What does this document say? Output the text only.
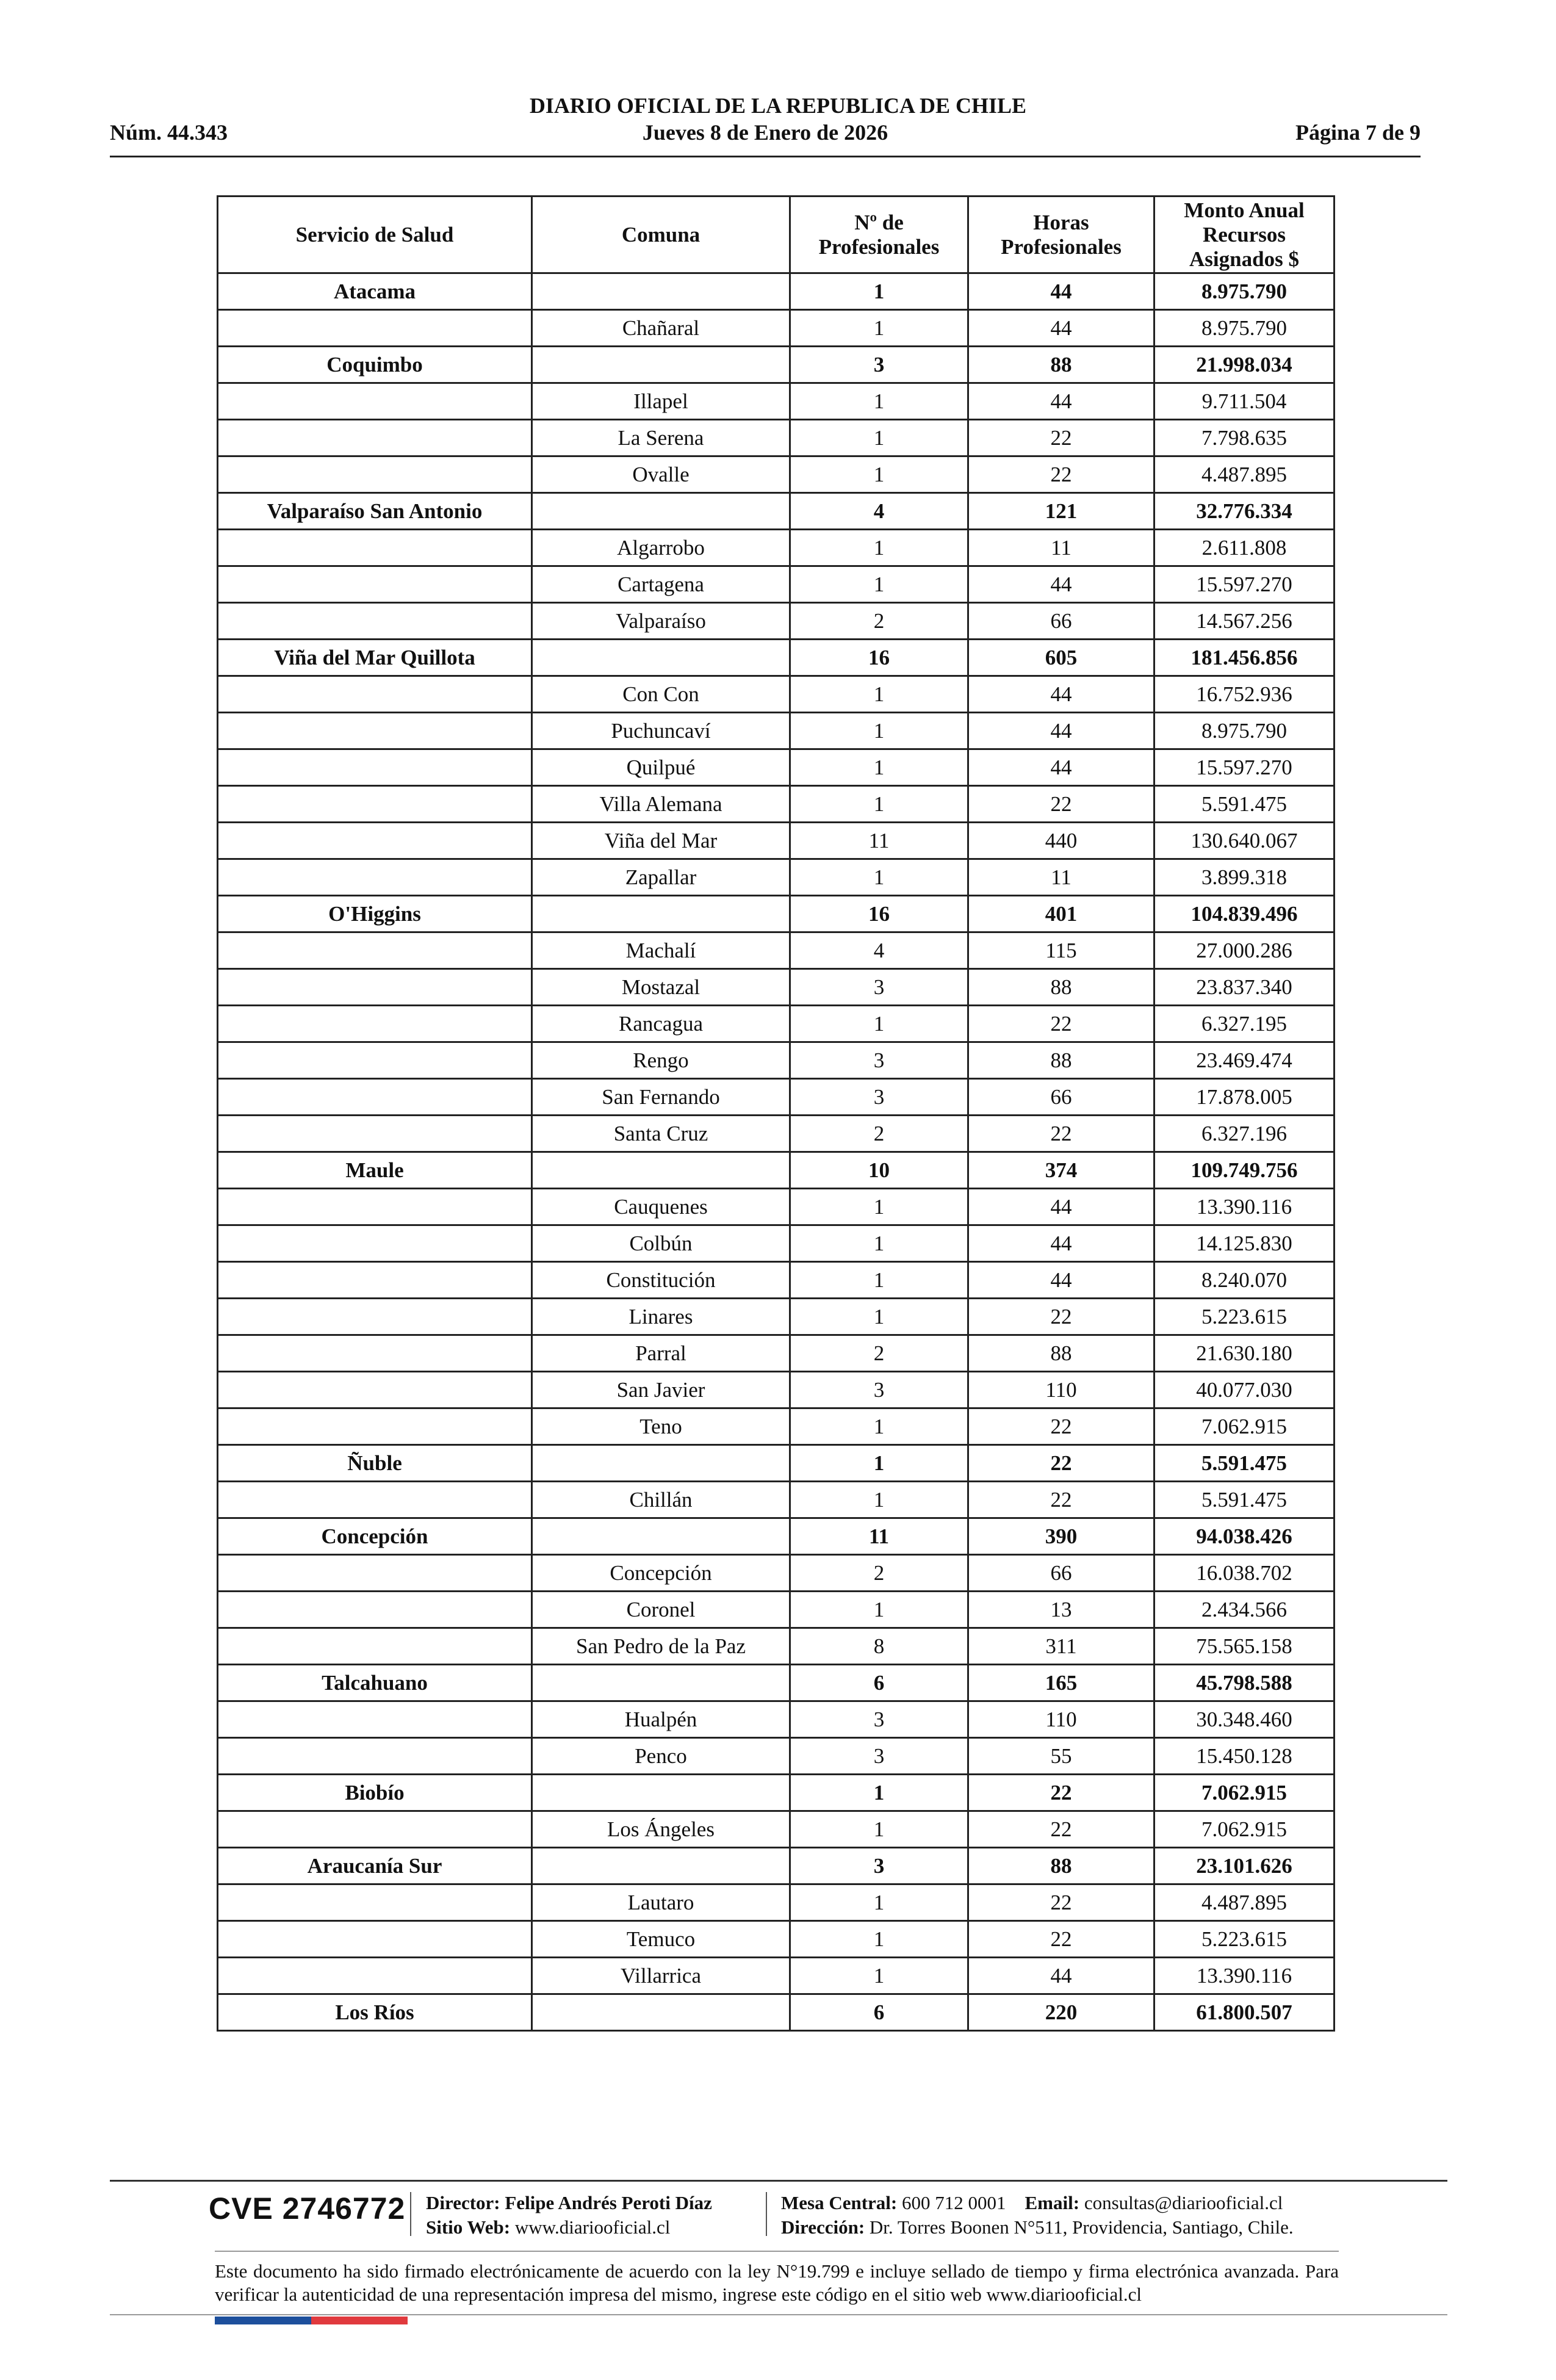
DIARIO OFICIAL DE LA REPUBLICA DE CHILE
Núm. 44.343	Jueves 8 de Enero de 2026	Página 7 de 9
Servicio de Salud	Comuna	Nº de Profesionales	Horas Profesionales	Monto Anual Recursos Asignados $
Atacama		1	44	8.975.790
	Chañaral	1	44	8.975.790
Coquimbo		3	88	21.998.034
	Illapel	1	44	9.711.504
	La Serena	1	22	7.798.635
	Ovalle	1	22	4.487.895
Valparaíso San Antonio		4	121	32.776.334
	Algarrobo	1	11	2.611.808
	Cartagena	1	44	15.597.270
	Valparaíso	2	66	14.567.256
Viña del Mar Quillota		16	605	181.456.856
	Con Con	1	44	16.752.936
	Puchuncaví	1	44	8.975.790
	Quilpué	1	44	15.597.270
	Villa Alemana	1	22	5.591.475
	Viña del Mar	11	440	130.640.067
	Zapallar	1	11	3.899.318
O'Higgins		16	401	104.839.496
	Machalí	4	115	27.000.286
	Mostazal	3	88	23.837.340
	Rancagua	1	22	6.327.195
	Rengo	3	88	23.469.474
	San Fernando	3	66	17.878.005
	Santa Cruz	2	22	6.327.196
Maule		10	374	109.749.756
	Cauquenes	1	44	13.390.116
	Colbún	1	44	14.125.830
	Constitución	1	44	8.240.070
	Linares	1	22	5.223.615
	Parral	2	88	21.630.180
	San Javier	3	110	40.077.030
	Teno	1	22	7.062.915
Ñuble		1	22	5.591.475
	Chillán	1	22	5.591.475
Concepción		11	390	94.038.426
	Concepción	2	66	16.038.702
	Coronel	1	13	2.434.566
	San Pedro de la Paz	8	311	75.565.158
Talcahuano		6	165	45.798.588
	Hualpén	3	110	30.348.460
	Penco	3	55	15.450.128
Biobío		1	22	7.062.915
	Los Ángeles	1	22	7.062.915
Araucanía Sur		3	88	23.101.626
	Lautaro	1	22	4.487.895
	Temuco	1	22	5.223.615
	Villarrica	1	44	13.390.116
Los Ríos		6	220	61.800.507
CVE 2746772 Director: Felipe Andrés Peroti Díaz
Sitio Web: www.diariooficial.cl
Mesa Central: 600 712 0001 Email: consultas@diariooficial.cl
Dirección: Dr. Torres Boonen N°511, Providencia, Santiago, Chile.
Este documento ha sido firmado electrónicamente de acuerdo con la ley N°19.799 e incluye sellado de tiempo y firma electrónica avanzada. Para verificar la autenticidad de una representación impresa del mismo, ingrese este código en el sitio web www.diariooficial.cl
